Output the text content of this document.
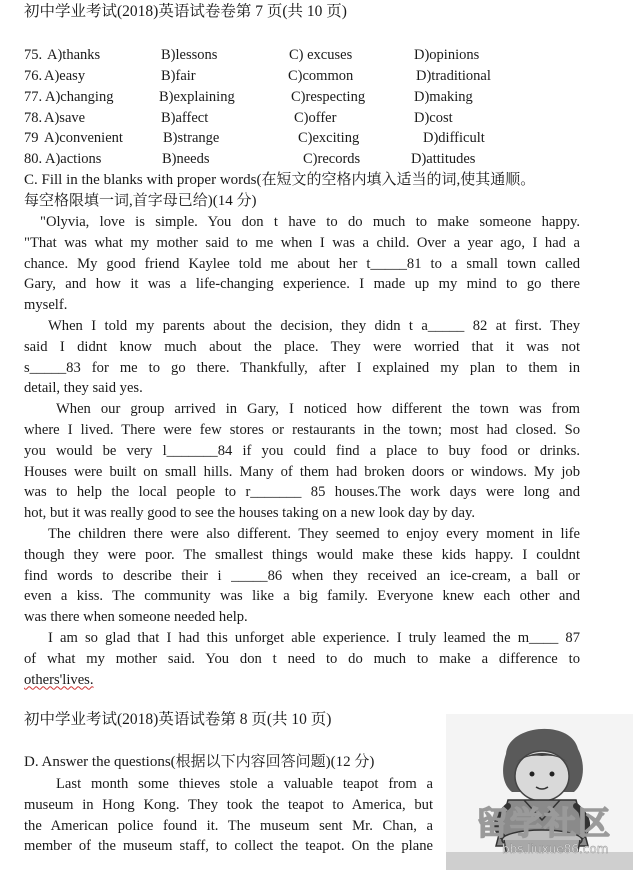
初中学业考试(2018)英语试卷卷第 7 页(共 10 页)
75. A)thanks	B)lessons	C) excuses	D)opinions
76. A)easy	B)fair	C)common	D)traditional
77. A)changing	B)explaining	C)respecting	D)making
78. A)save	B)affect	C)offer	D)cost
79 A)convenient	B)strange	C)exciting	D)difficult
80. A)actions	B)needs	C)records	D)attitudes
C. Fill in the blanks with proper words(在短文的空格内填入适当的词,使其通顺。
每空格限填一词,首字母已给)(14 分)
"Olyvia, love is simple. You don t have to do much to make someone happy.
"That was what my mother said to me when I was a child. Over a year ago, I had a
chance. My good friend Kaylee told me about her t_____81 to a small town called
Gary, and how it was a life-changing experience. I made up my mind to go there
myself.
When I told my parents about the decision, they didn t a_____ 82 at first. They
said I didnt know much about the place. They were worried that it was not
s_____83 for me to go there. Thankfully, after I explained my plan to them in
detail, they said yes.
When our group arrived in Gary, I noticed how different the town was from
where I lived. There were few stores or restaurants in the town; most had closed. So
you would be very l_______84 if you could find a place to buy food or drinks.
Houses were built on small hills. Many of them had broken doors or windows. My job
was to help the local people to r_______ 85 houses.The work days were long and
hot, but it was really good to see the houses taking on a new look day by day.
The children there were also different. They seemed to enjoy every moment in life
though they were poor. The smallest things would make these kids happy. I couldnt
find words to describe their i _____86 when they received an ice-cream, a ball or
even a kiss. The community was like a big family. Everyone knew each other and
was there when someone needed help.
I am so glad that I had this unforget able experience. I truly leamed the m____ 87
of what my mother said. You don t need to do much to make a difference to
others'lives.
初中学业考试(2018)英语试卷第 8 页(共 10 页)
D. Answer the questions(根据以下内容回答问题)(12 分)
Last month some thieves stole a valuable teapot from a
museum in Hong Kong. They took the teapot to America, but
the American police found it. The museum sent Mr. Chan, a
member of the museum staff, to collect the teapot. On the plane
留学社区
bbs.liuxue86.com
